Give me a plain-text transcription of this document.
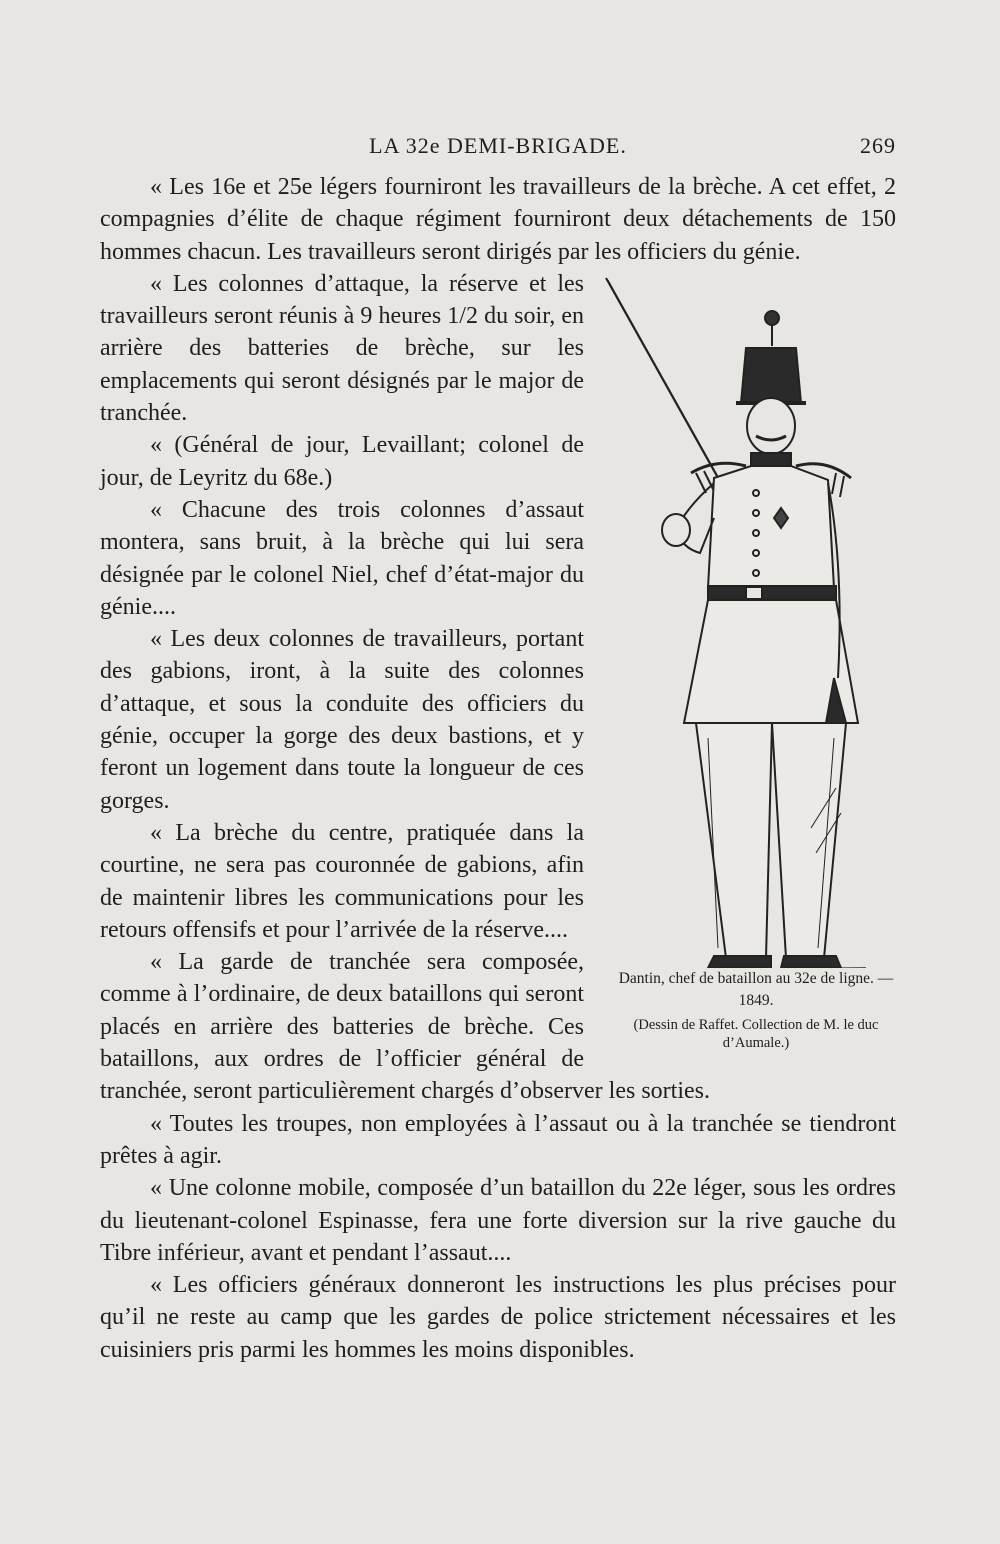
LA 32e DEMI-BRIGADE.	269

« Les 16e et 25e légers fourniront les travailleurs de la brèche. A cet effet, 2 compagnies d’élite de chaque régiment fourniront deux détachements de 150 hommes chacun. Les travailleurs seront dirigés par les officiers du génie.

Dantin, chef de bataillon au 32e de ligne. — 1849.
(Dessin de Raffet. Collection de M. le duc d’Aumale.)

« Les colonnes d’attaque, la réserve et les travailleurs seront réunis à 9 heures 1/2 du soir, en arrière des batteries de brèche, sur les emplacements qui seront désignés par le major de tranchée.

« (Général de jour, Levaillant; colonel de jour, de Leyritz du 68e.)

« Chacune des trois colonnes d’assaut montera, sans bruit, à la brèche qui lui sera désignée par le colonel Niel, chef d’état-major du génie....

« Les deux colonnes de travailleurs, portant des gabions, iront, à la suite des colonnes d’attaque, et sous la conduite des officiers du génie, occuper la gorge des deux bastions, et y feront un logement dans toute la longueur de ces gorges.

« La brèche du centre, pratiquée dans la courtine, ne sera pas couronnée de gabions, afin de maintenir libres les communications pour les retours offensifs et pour l’arrivée de la réserve....

« La garde de tranchée sera composée, comme à l’ordinaire, de deux bataillons qui seront placés en arrière des batteries de brèche. Ces bataillons, aux ordres de l’officier général de tranchée, seront particulièrement chargés d’observer les sorties.

« Toutes les troupes, non employées à l’assaut ou à la tranchée se tiendront prêtes à agir.

« Une colonne mobile, composée d’un bataillon du 22e léger, sous les ordres du lieutenant-colonel Espinasse, fera une forte diversion sur la rive gauche du Tibre inférieur, avant et pendant l’assaut....

« Les officiers généraux donneront les instructions les plus précises pour qu’il ne reste au camp que les gardes de police strictement nécessaires et les cuisiniers pris parmi les hommes les moins disponibles.
